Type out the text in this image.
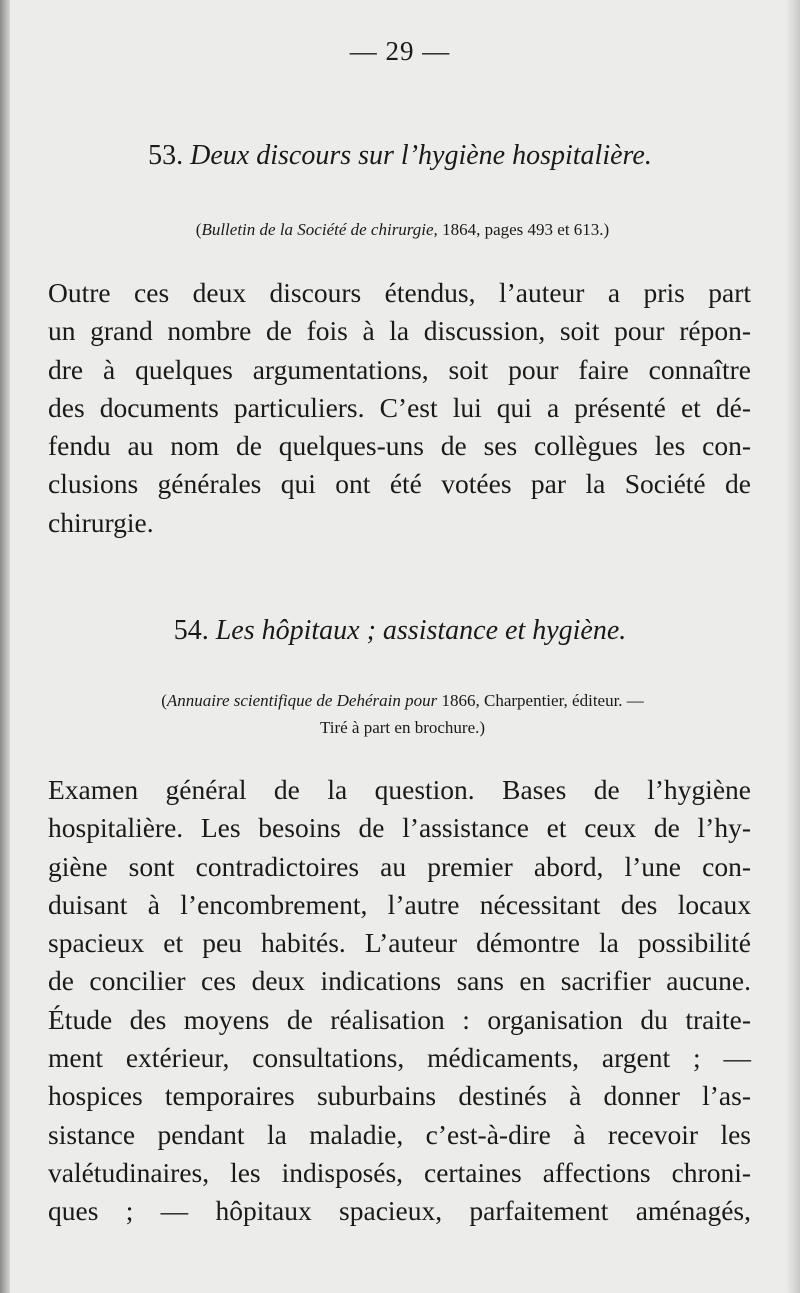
— 29 —
53. Deux discours sur l’hygiène hospitalière.
(Bulletin de la Société de chirurgie, 1864, pages 493 et 613.)
Outre ces deux discours étendus, l’auteur a pris part
un grand nombre de fois à la discussion, soit pour répon-
dre à quelques argumentations, soit pour faire connaître
des documents particuliers. C’est lui qui a présenté et dé-
fendu au nom de quelques-uns de ses collègues les con-
clusions générales qui ont été votées par la Société de
chirurgie.
54. Les hôpitaux ; assistance et hygiène.
(Annuaire scientifique de Dehérain pour 1866, Charpentier, éditeur. —
Tiré à part en brochure.)
Examen général de la question. Bases de l’hygiène
hospitalière. Les besoins de l’assistance et ceux de l’hy-
giène sont contradictoires au premier abord, l’une con-
duisant à l’encombrement, l’autre nécessitant des locaux
spacieux et peu habités. L’auteur démontre la possibilité
de concilier ces deux indications sans en sacrifier aucune.
Étude des moyens de réalisation : organisation du traite-
ment extérieur, consultations, médicaments, argent ; —
hospices temporaires suburbains destinés à donner l’as-
sistance pendant la maladie, c’est-à-dire à recevoir les
valétudinaires, les indisposés, certaines affections chroni-
ques ; — hôpitaux spacieux, parfaitement aménagés,
